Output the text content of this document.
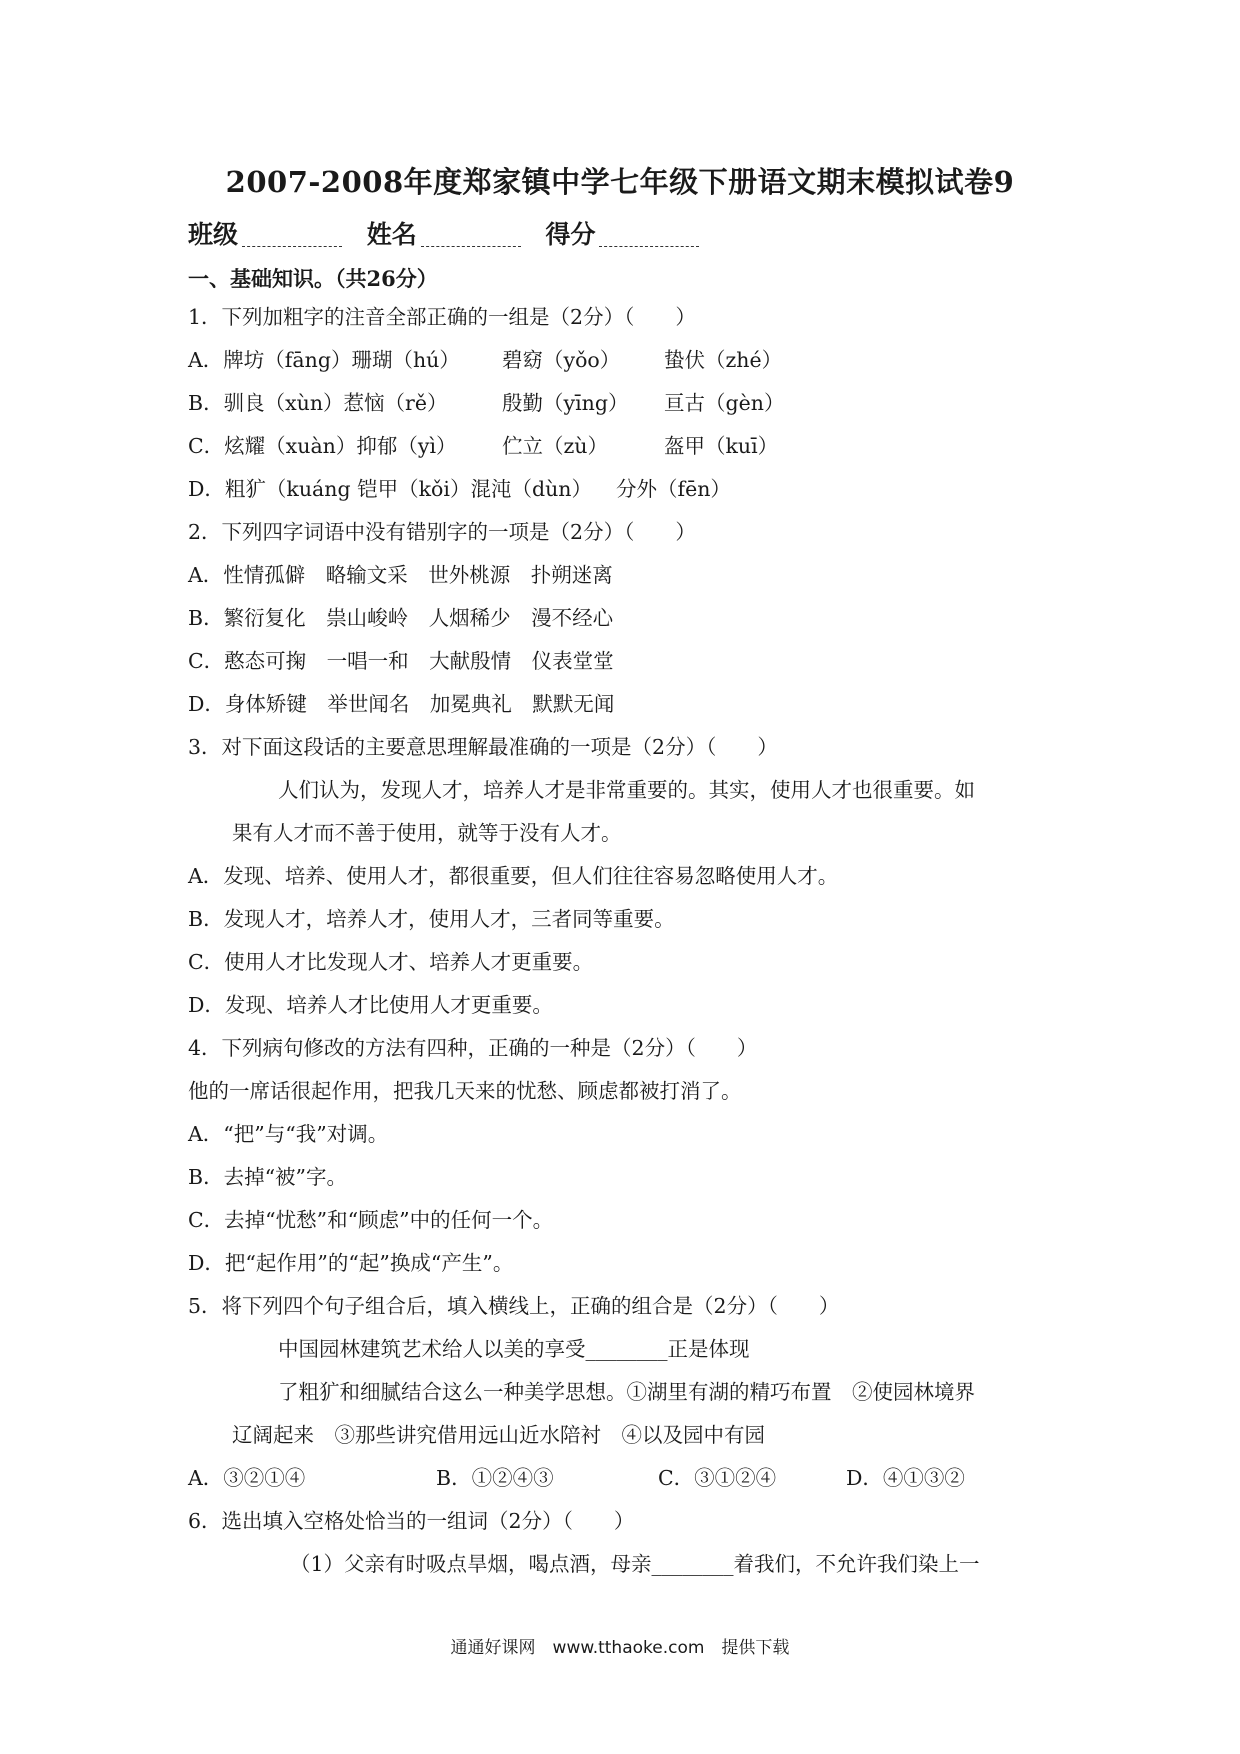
2007-2008年度郑家镇中学七年级下册语文期末模拟试卷9
班级	姓名	得分
一、基础知识。（共26分）
1．下列加粗字的注音全部正确的一组是（2分）（　　）
A．牌坊（fāng）珊瑚（hú） 碧窈（yǒo） 蛰伏（zhé）
B．驯良（xùn）惹恼（rě）	殷勤（yīng） 亘古（gèn）
C．炫耀（xuàn）抑郁（yì） 伫立（zù）	盔甲（kuī）
D．粗犷（kuáng 铠甲（kǒi）混沌（dùn） 分外（fēn）
2．下列四字词语中没有错别字的一项是（2分）（　　）
A．性情孤僻　略输文采　世外桃源　扑朔迷离
B．繁衍复化　祟山峻岭　人烟稀少　漫不经心
C．憨态可掬　一唱一和　大献殷情　仪表堂堂
D．身体矫键　举世闻名　加冕典礼　默默无闻
3．对下面这段话的主要意思理解最准确的一项是（2分）（　　）
人们认为，发现人才，培养人才是非常重要的。其实，使用人才也很重要。如
果有人才而不善于使用，就等于没有人才。
A．发现、培养、使用人才，都很重要，但人们往往容易忽略使用人才。
B．发现人才，培养人才，使用人才，三者同等重要。
C．使用人才比发现人才、培养人才更重要。
D．发现、培养人才比使用人才更重要。
4．下列病句修改的方法有四种，正确的一种是（2分）（　　）
他的一席话很起作用，把我几天来的忧愁、顾虑都被打消了。
A．“把”与“我”对调。
B．去掉“被”字。
C．去掉“忧愁”和“顾虑”中的任何一个。
D．把“起作用”的“起”换成“产生”。
5．将下列四个句子组合后，填入横线上，正确的组合是（2分）（　　）
中国园林建筑艺术给人以美的享受________正是体现
了粗犷和细腻结合这么一种美学思想。①湖里有湖的精巧布置　②使园林境界
辽阔起来　③那些讲究借用远山近水陪衬　④以及园中有园
A．③②①④	B．①②④③	C．③①②④	D．④①③②
6．选出填入空格处恰当的一组词（2分）（　　）
（1）父亲有时吸点旱烟，喝点酒，母亲________着我们，不允许我们染上一
通通好课网　www.tthaoke.com　提供下载
